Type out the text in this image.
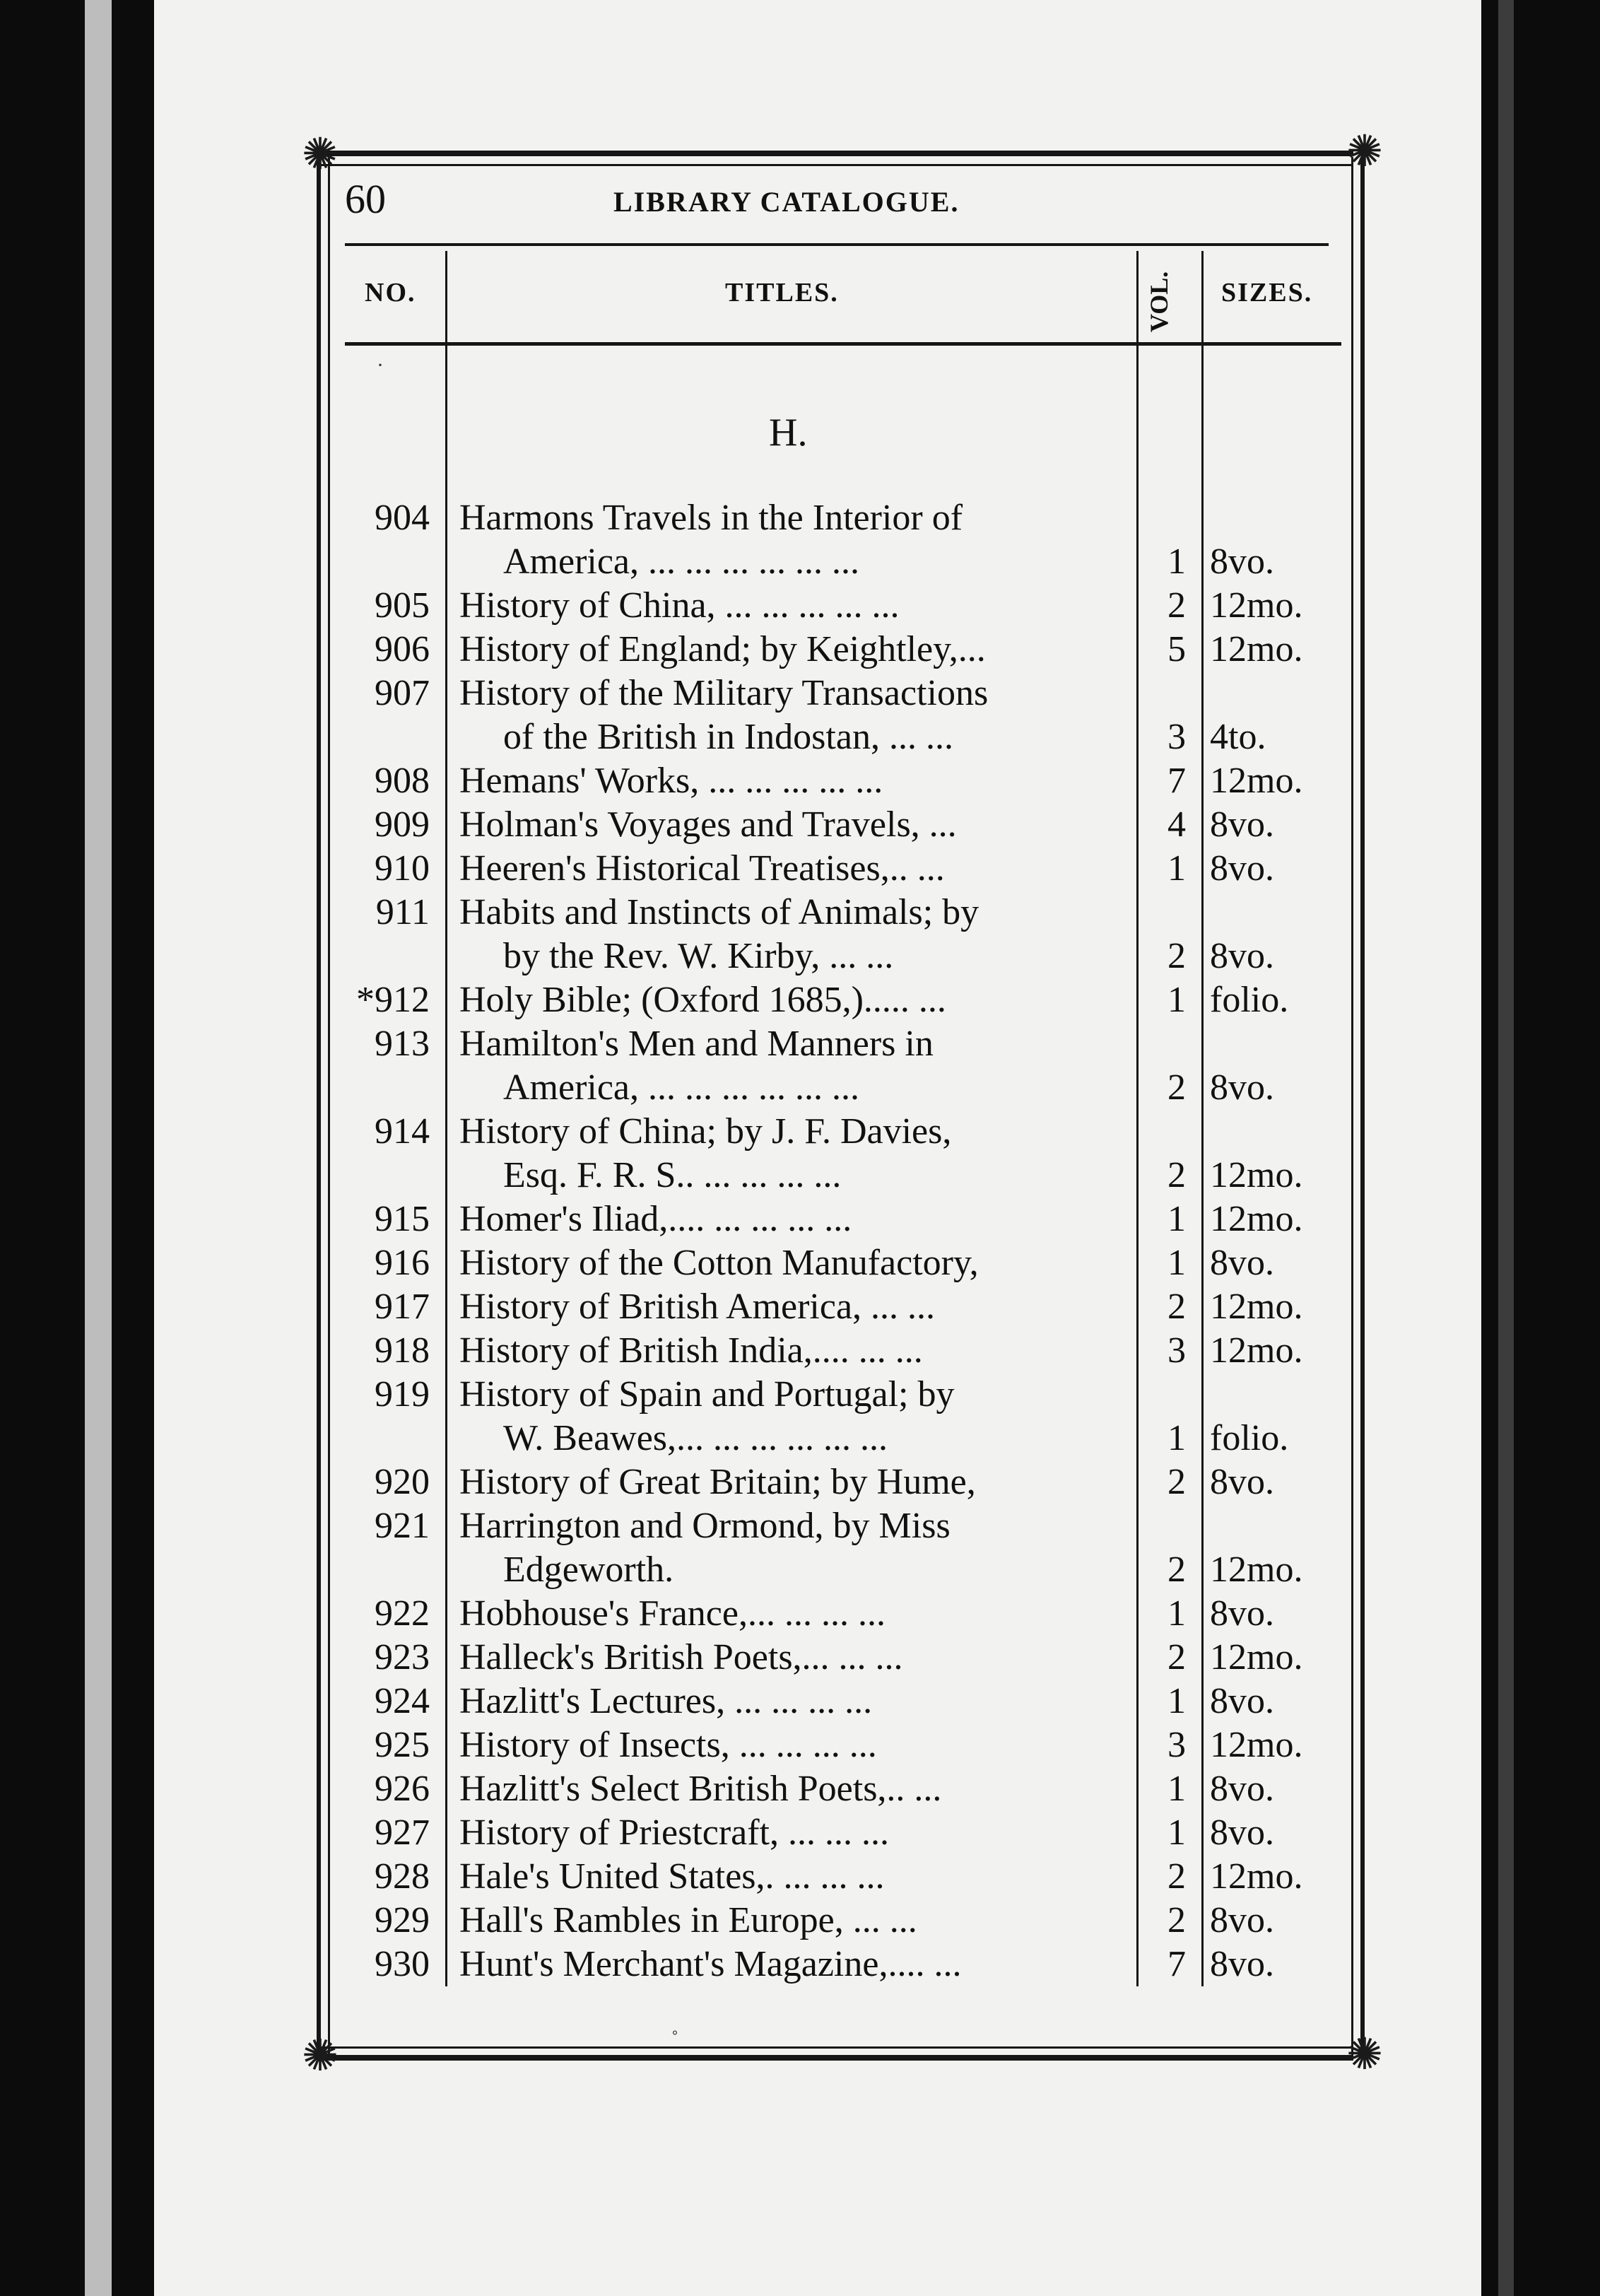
✺	✺
✺	✺
60	LIBRARY CATALOGUE.
NO.	TITLES.	VOL.	SIZES.
·
H.
904 Harmons Travels in the Interior of
America, ... ... ... ... ... ...	1 8vo.
905 History of China, ... ... ... ... ...	2 12mo.
906 History of England; by Keightley,...	5 12mo.
907 History of the Military Transactions
of the British in Indostan, ... ...	3 4to.
908 Hemans' Works, ... ... ... ... ...	7 12mo.
909 Holman's Voyages and Travels, ...	4 8vo.
910 Heeren's Historical Treatises,.. ...	1 8vo.
911 Habits and Instincts of Animals; by
by the Rev. W. Kirby, ... ...	2 8vo.
*912 Holy Bible; (Oxford 1685,)..... ...	1 folio.
913 Hamilton's Men and Manners in
America, ... ... ... ... ... ...	2 8vo.
914 History of China; by J. F. Davies,
Esq. F. R. S.. ... ... ... ...	2 12mo.
915 Homer's Iliad,.... ... ... ... ...	1 12mo.
916 History of the Cotton Manufactory,	1 8vo.
917 History of British America, ... ...	2 12mo.
918 History of British India,.... ... ...	3 12mo.
919 History of Spain and Portugal; by
W. Beawes,... ... ... ... ... ...	1 folio.
920 History of Great Britain; by Hume,	2 8vo.
921 Harrington and Ormond, by Miss
Edgeworth.	2 12mo.
922 Hobhouse's France,... ... ... ...	1 8vo.
923 Halleck's British Poets,... ... ...	2 12mo.
924 Hazlitt's Lectures, ... ... ... ...	1 8vo.
925 History of Insects, ... ... ... ...	3 12mo.
926 Hazlitt's Select British Poets,.. ...	1 8vo.
927 History of Priestcraft, ... ... ...	1 8vo.
928 Hale's United States,. ... ... ...	2 12mo.
929 Hall's Rambles in Europe, ... ...	2 8vo.
930 Hunt's Merchant's Magazine,.... ...	7 8vo.
˚
